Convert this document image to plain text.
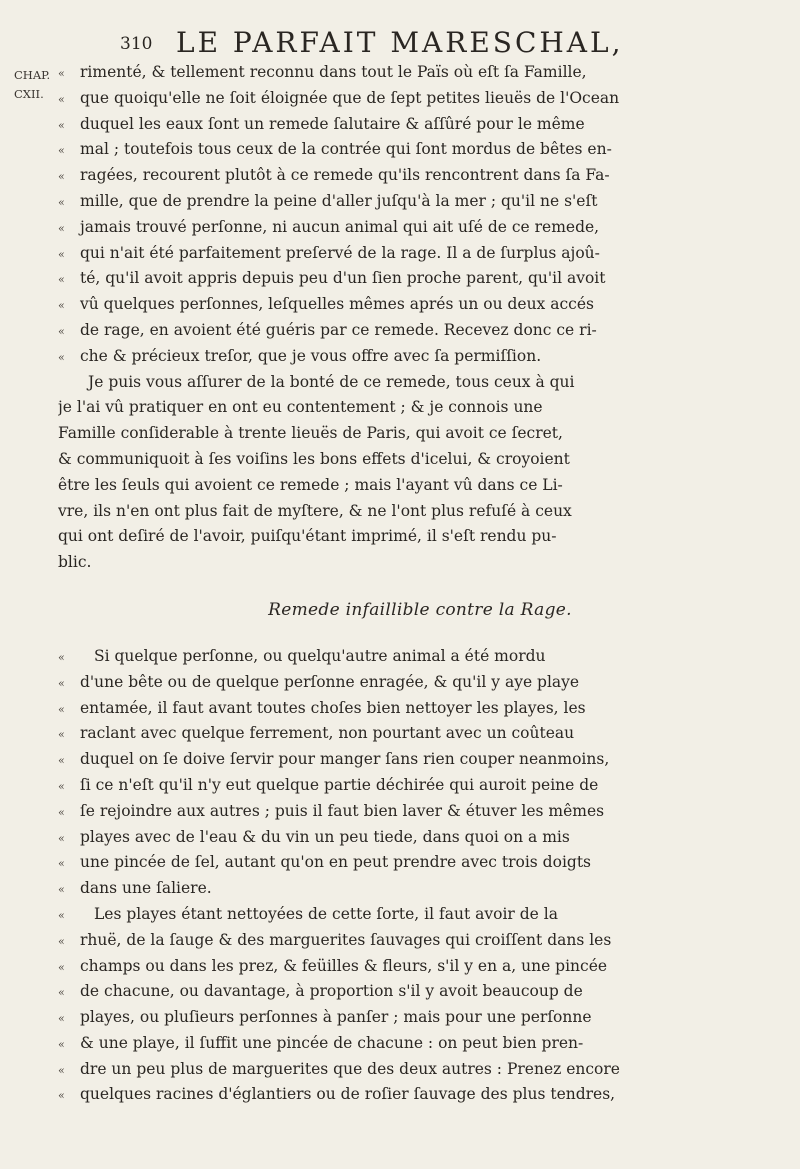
310 LE PARFAIT MARESCHAL,
CHAP.
CXII.
« rimenté, & tellement reconnu dans tout le Païs où eſt ſa Famille,
« que quoiqu'elle ne ſoit éloignée que de ſept petites lieuës de l'Ocean
« duquel les eaux ſont un remede ſalutaire & aſſûré pour le même
« mal ; toutefois tous ceux de la contrée qui ſont mordus de bêtes en-
« ragées, recourent plutôt à ce remede qu'ils rencontrent dans ſa Fa-
« mille, que de prendre la peine d'aller juſqu'à la mer ; qu'il ne s'eſt
« jamais trouvé perſonne, ni aucun animal qui ait uſé de ce remede,
« qui n'ait été parfaitement preſervé de la rage. Il a de ſurplus ajoû-
« té, qu'il avoit appris depuis peu d'un ſien proche parent, qu'il avoit
« vû quelques perſonnes, leſquelles mêmes aprés un ou deux accés
« de rage, en avoient été guéris par ce remede. Recevez donc ce ri-
« che & précieux treſor, que je vous offre avec ſa permiſſion.
Je puis vous aſſurer de la bonté de ce remede, tous ceux à qui
je l'ai vû pratiquer en ont eu contentement ; & je connois une
Famille conſiderable à trente lieuës de Paris, qui avoit ce ſecret,
& communiquoit à ſes voiſins les bons effets d'icelui, & croyoient
être les ſeuls qui avoient ce remede ; mais l'ayant vû dans ce Li-
vre, ils n'en ont plus fait de myſtere, & ne l'ont plus refuſé à ceux
qui ont deſiré de l'avoir, puiſqu'étant imprimé, il s'eſt rendu pu-
blic.
Remede infaillible contre la Rage.
« Si quelque perſonne, ou quelqu'autre animal a été mordu
« d'une bête ou de quelque perſonne enragée, & qu'il y aye playe
« entamée, il faut avant toutes choſes bien nettoyer les playes, les
« raclant avec quelque ferrement, non pourtant avec un coûteau
« duquel on ſe doive ſervir pour manger ſans rien couper neanmoins,
« ſi ce n'eſt qu'il n'y eut quelque partie déchirée qui auroit peine de
« ſe rejoindre aux autres ; puis il faut bien laver & étuver les mêmes
« playes avec de l'eau & du vin un peu tiede, dans quoi on a mis
« une pincée de ſel, autant qu'on en peut prendre avec trois doigts
« dans une ſaliere.
« Les playes étant nettoyées de cette ſorte, il faut avoir de la
« rhuë, de la ſauge & des marguerites ſauvages qui croiſſent dans les
« champs ou dans les prez, & feüilles & fleurs, s'il y en a, une pincée
« de chacune, ou davantage, à proportion s'il y avoit beaucoup de
« playes, ou pluſieurs perſonnes à panſer ; mais pour une perſonne
« & une playe, il ſuffit une pincée de chacune : on peut bien pren-
« dre un peu plus de marguerites que des deux autres : Prenez encore
« quelques racines d'églantiers ou de roſier ſauvage des plus tendres,
